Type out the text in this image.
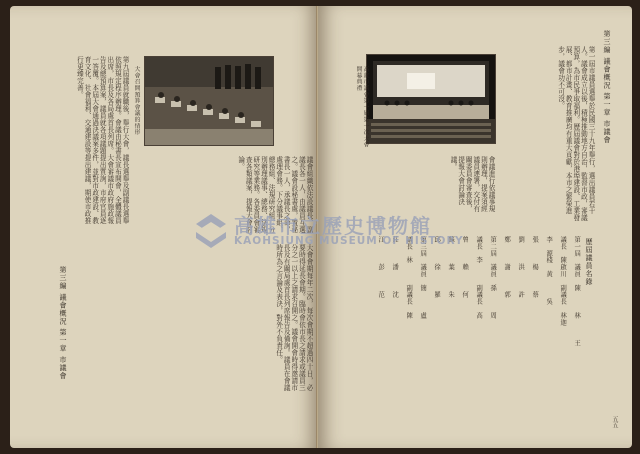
大會召開預算會議的情形
第三編 議會概況 第一章 市議會
第九屆議員就職後，舉行大會，議長選舉及副議長選舉依照規定程序辦理。會議由秘書長宣布開會，全體議員出席，市長及各局處首長列席。大會審議市政府施政報告及總預算案，議員就各項議題提出質詢，市府官員逐一答覆。本屆大會通過決議案多件，並對市政建設、教育文化、社會福利、交通建設等提出建議，期使市政推行更臻完善。
議會組織依法設議長、副議長各一人，由議員互選之。議會設秘書處，置秘書長一人，承議長之命，處理會務。下分議事組、總務組、法規研究組，分別辦理議事、總務、法規研究等業務。各委員會審查各類議案，提報大會討論。
大會會期每年二次，每次會期不超過四十日，必要時得延長會期。臨時會依市長之請求或議員三分之一以上之請求召開之。議會開會時得邀請市長及有關局處首長列席報告及備詢。議員在會議時所為之言論及表決，對外不負責任。
高雄市議會第一屆第一次大會開幕典禮	第三編 議會概況 第一章 市議會
第一屆市議員選舉於民國三十九年舉行，選出議員若干人。議會成立以後，積極推動地方自治，監督市政，審議預算，為市民爭取福利。歷屆議會對於港埠建設、工業發展、都市計畫、教育推廣均有重大貢獻，本市之繁榮進步，議會功不可沒。
會議進行依議事規則辦理，提案須經議員連署，交付有關委員會審查後，提報大會討論決議。
歷屆議員名錄
第一屆　議員　陳　　　林　　　王
議長　陳啟川　副議長　林迦
李　源棧　黃　　　吳
張　　　楊　　　蔡
劉　　　洪　　　許
鄭　　　謝　　　郭
第二屆　議員　孫　　　周
議長　李　　　副議長　高
曾　　　賴　　　何
蘇　　　葉　　　朱
邱　　　徐　　　羅
第三屆　議員　簡　　　盧
議長　林　　　副議長　陳
莊　　　潘　　　沈
江　　　彭　　　范
五五
高雄市立歷史博物館
KAOHSIUNG MUSEUM OF HISTORY
